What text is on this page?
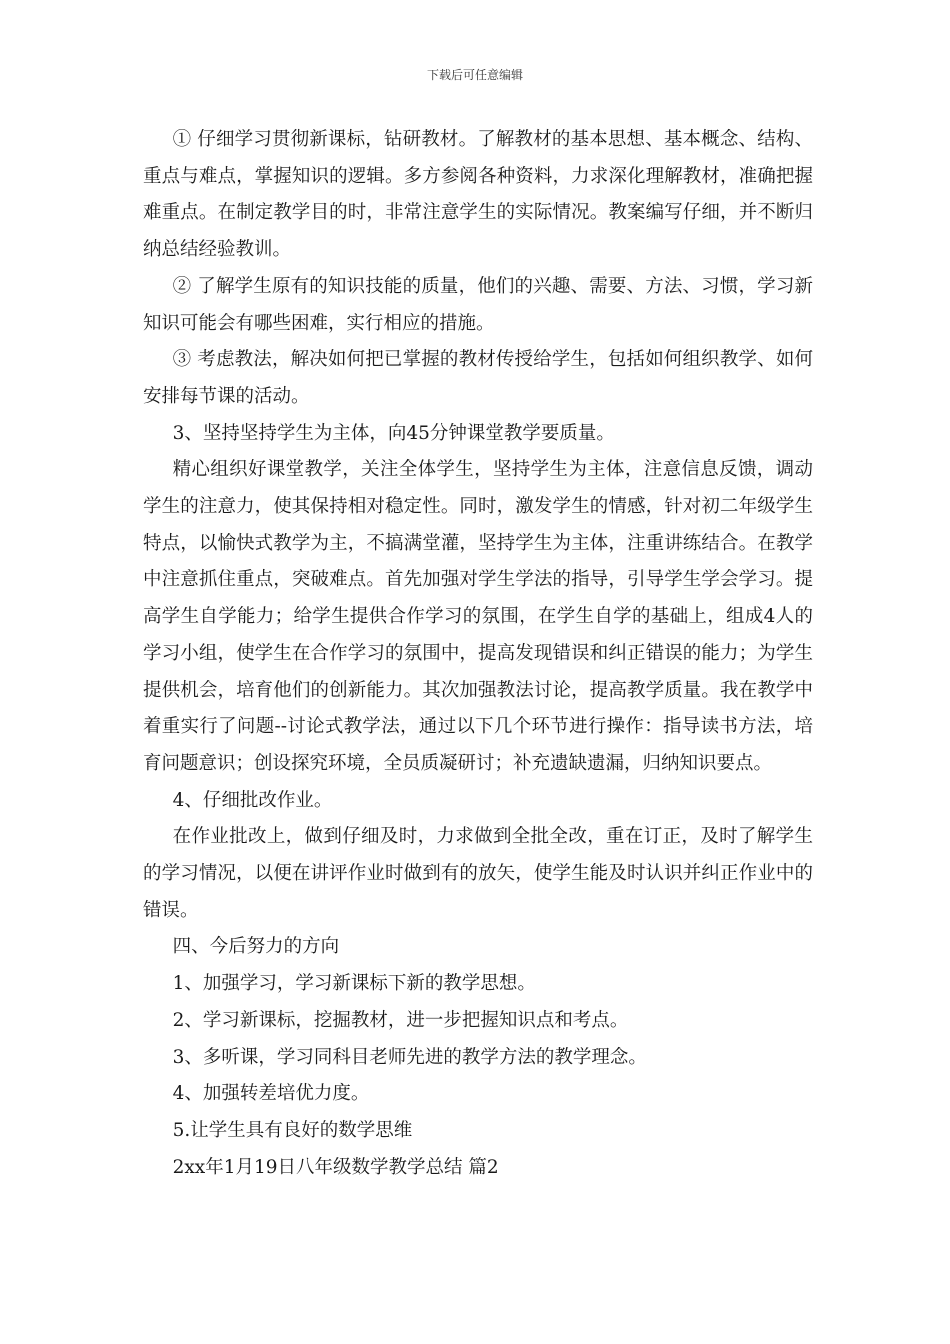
下载后可任意编辑

① 仔细学习贯彻新课标，钻研教材。了解教材的基本思想、基本概念、结构、重点与难点，掌握知识的逻辑。多方参阅各种资料，力求深化理解教材，准确把握难重点。在制定教学目的时，非常注意学生的实际情况。教案编写仔细，并不断归纳总结经验教训。

② 了解学生原有的知识技能的质量，他们的兴趣、需要、方法、习惯，学习新知识可能会有哪些困难，实行相应的措施。

③ 考虑教法，解决如何把已掌握的教材传授给学生，包括如何组织教学、如何安排每节课的活动。

3、坚持坚持学生为主体，向45分钟课堂教学要质量。

精心组织好课堂教学，关注全体学生，坚持学生为主体，注意信息反馈，调动学生的注意力，使其保持相对稳定性。同时，激发学生的情感，针对初二年级学生特点，以愉快式教学为主，不搞满堂灌，坚持学生为主体，注重讲练结合。在教学中注意抓住重点，突破难点。首先加强对学生学法的指导，引导学生学会学习。提高学生自学能力；给学生提供合作学习的氛围，在学生自学的基础上，组成4人的学习小组，使学生在合作学习的氛围中，提高发现错误和纠正错误的能力；为学生提供机会，培育他们的创新能力。其次加强教法讨论，提高教学质量。我在教学中着重实行了问题--讨论式教学法，通过以下几个环节进行操作：指导读书方法，培育问题意识；创设探究环境，全员质凝研讨；补充遗缺遗漏，归纳知识要点。

4、仔细批改作业。

在作业批改上，做到仔细及时，力求做到全批全改，重在订正，及时了解学生的学习情况，以便在讲评作业时做到有的放矢，使学生能及时认识并纠正作业中的错误。

四、今后努力的方向

1、加强学习，学习新课标下新的教学思想。

2、学习新课标，挖掘教材，进一步把握知识点和考点。

3、多听课，学习同科目老师先进的教学方法的教学理念。

4、加强转差培优力度。

5.让学生具有良好的数学思维

2xx年1月19日八年级数学教学总结 篇2
